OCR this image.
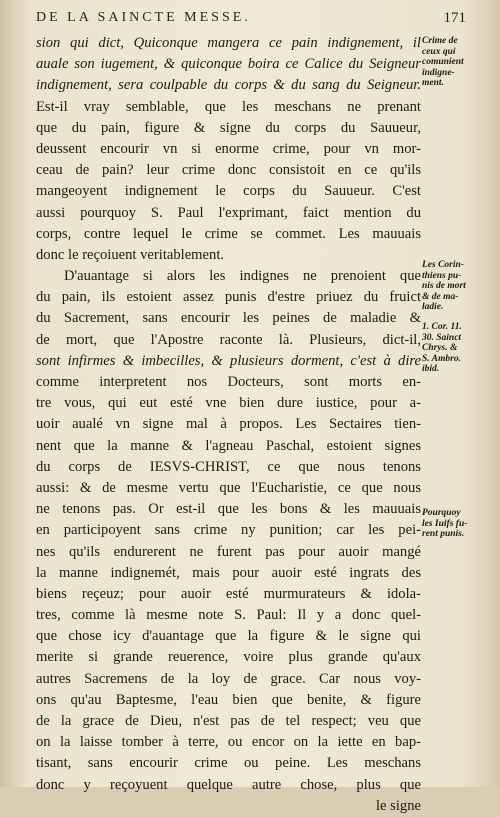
DE LA SAINCTE MESSE.	171
sion qui dict, Quiconque mangera ce pain indignement, il
auale son iugement, & quiconque boira ce Calice du Seigneur
indignement, sera coulpable du corps & du sang du Seigneur.
Est-il vray semblable, que les meschans ne prenant
que du pain, figure & signe du corps du Sauueur,
deussent encourir vn si enorme crime, pour vn mor-
ceau de pain? leur crime donc consistoit en ce qu'ils
mangeoyent indignement le corps du Sauueur. C'est
aussi pourquoy S. Paul l'exprimant, faict mention du
corps, contre lequel le crime se commet. Les mauuais
donc le reçoiuent veritablement.
D'auantage si alors les indignes ne prenoient que
du pain, ils estoient assez punis d'estre priuez du fruict
du Sacrement, sans encourir les peines de maladie &
de mort, que l'Apostre raconte là. Plusieurs, dict-il,
sont infirmes & imbecilles, & plusieurs dorment, c'est à dire
comme interpretent nos Docteurs, sont morts en-
tre vous, qui eut esté vne bien dure iustice, pour a-
uoir aualé vn signe mal à propos. Les Sectaires tien-
nent que la manne & l'agneau Paschal, estoient signes
du corps de IESVS-CHRIST, ce que nous tenons
aussi: & de mesme vertu que l'Eucharistie, ce que nous
ne tenons pas. Or est-il que les bons & les mauuais
en participoyent sans crime ny punition; car les pei-
nes qu'ils endurerent ne furent pas pour auoir mangé
la manne indignemét, mais pour auoir esté ingrats des
biens reçeuz; pour auoir esté murmurateurs & idola-
tres, comme là mesme note S. Paul: Il y a donc quel-
que chose icy d'auantage que la figure & le signe qui
merite si grande reuerence, voire plus grande qu'aux
autres Sacremens de la loy de grace. Car nous voy-
ons qu'au Baptesme, l'eau bien que benite, & figure
de la grace de Dieu, n'est pas de tel respect; veu que
on la laisse tomber à terre, ou encor on la iette en bap-
tisant, sans encourir crime ou peine. Les meschans
donc y reçoyuent quelque autre chose, plus que
le signe
Crime de
ceux qui
comunient
indigne-
ment.
Les Corin-
thiens pu-
nis de mort
& de ma-
ladie.
1. Cor. 11.
30. Sainct
Chrys. &
S. Ambro.
ibid.
Pourquoy
les Iuifs fu-
rent punis.
